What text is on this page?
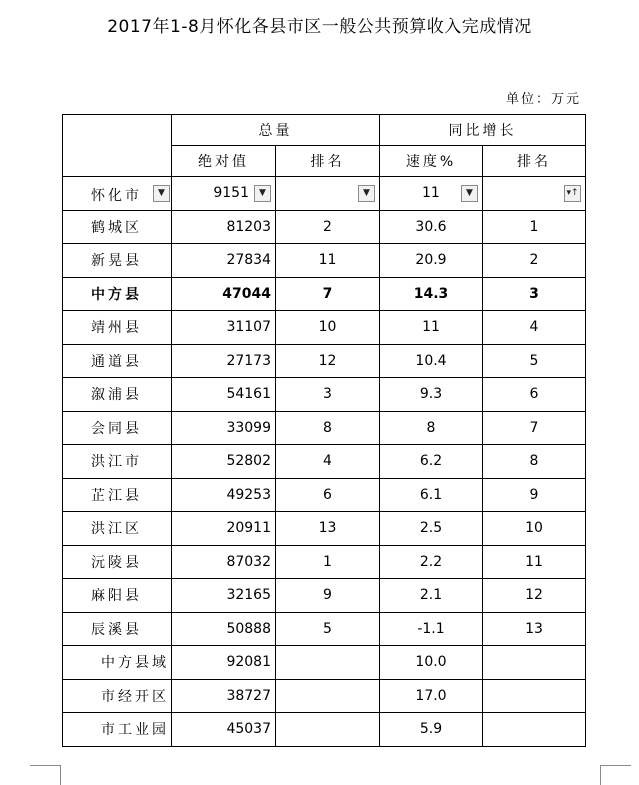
2017年1-8月怀化各县市区一般公共预算收入完成情况
单位：万元
	总量		同比增长	
	绝对值	排名	速度%	排名

怀化市 ▼	9151 ▼	▼	11 ▼	▾↑

鹤城区	81203	2	30.6	1
新晃县	27834	11	20.9	2
中方县	47044	7	14.3	3
靖州县	31107	10	11	4
通道县	27173	12	10.4	5
溆浦县	54161	3	9.3	6
会同县	33099	8	8	7
洪江市	52802	4	6.2	8
芷江县	49253	6	6.1	9
洪江区	20911	13	2.5	10
沅陵县	87032	1	2.2	11
麻阳县	32165	9	2.1	12
辰溪县	50888	5	-1.1	13
中方县域	92081		10.0	
市经开区	38727		17.0	
市工业园	45037		5.9	
